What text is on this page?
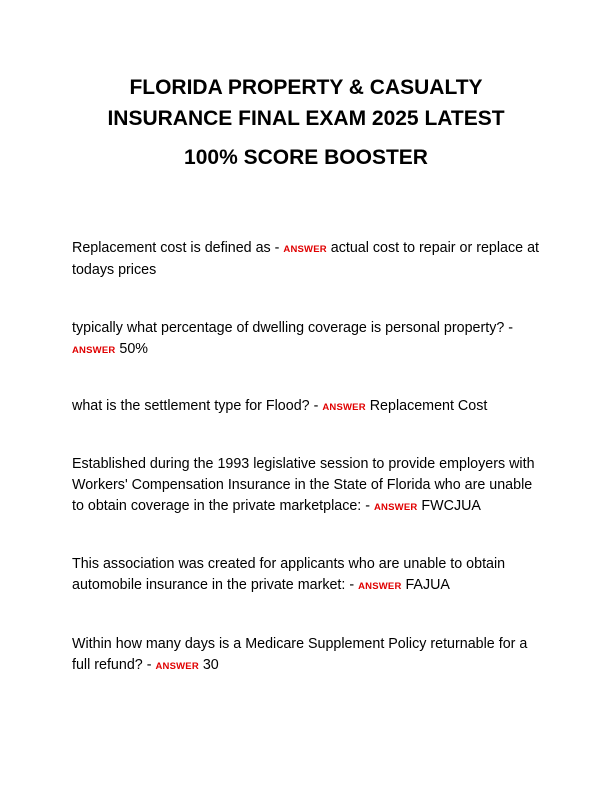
FLORIDA PROPERTY & CASUALTY

INSURANCE FINAL EXAM 2025 LATEST

100% SCORE BOOSTER

Replacement cost is defined as - ANSWER actual cost to repair or replace at todays prices

typically what percentage of dwelling coverage is personal property? - ANSWER 50%

what is the settlement type for Flood? - ANSWER Replacement Cost

Established during the 1993 legislative session to provide employers with Workers' Compensation Insurance in the State of Florida who are unable to obtain coverage in the private marketplace: - ANSWER FWCJUA

This association was created for applicants who are unable to obtain automobile insurance in the private market: - ANSWER FAJUA

Within how many days is a Medicare Supplement Policy returnable for a full refund? - ANSWER 30
